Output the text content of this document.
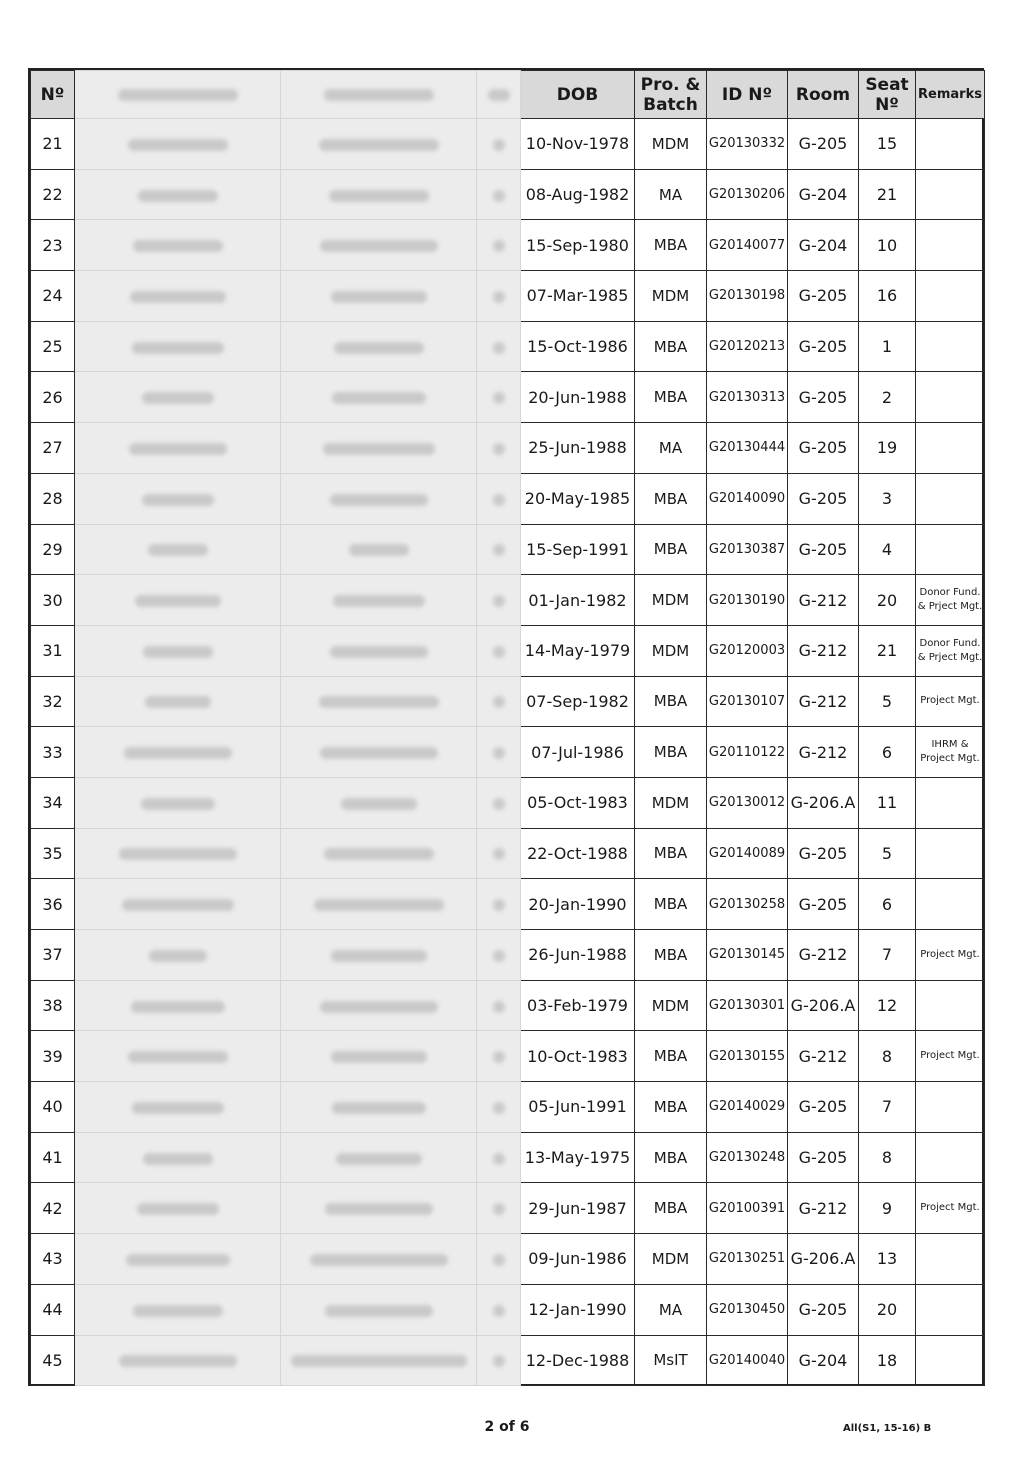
Nº				DOB	Pro. & Batch	ID Nº	Room	Seat Nº	Remarks
21				10-Nov-1978	MDM	G20130332	G-205	15	
22				08-Aug-1982	MA	G20130206	G-204	21	
23				15-Sep-1980	MBA	G20140077	G-204	10	
24				07-Mar-1985	MDM	G20130198	G-205	16	
25				15-Oct-1986	MBA	G20120213	G-205	1	
26				20-Jun-1988	MBA	G20130313	G-205	2	
27				25-Jun-1988	MA	G20130444	G-205	19	
28				20-May-1985	MBA	G20140090	G-205	3	
29				15-Sep-1991	MBA	G20130387	G-205	4	
30				01-Jan-1982	MDM	G20130190	G-212	20	Donor Fund. & Prject Mgt.
31				14-May-1979	MDM	G20120003	G-212	21	Donor Fund. & Prject Mgt.
32				07-Sep-1982	MBA	G20130107	G-212	5	Project Mgt.
33				07-Jul-1986	MBA	G20110122	G-212	6	IHRM & Project Mgt.
34				05-Oct-1983	MDM	G20130012	G-206.A	11	
35				22-Oct-1988	MBA	G20140089	G-205	5	
36				20-Jan-1990	MBA	G20130258	G-205	6	
37				26-Jun-1988	MBA	G20130145	G-212	7	Project Mgt.
38				03-Feb-1979	MDM	G20130301	G-206.A	12	
39				10-Oct-1983	MBA	G20130155	G-212	8	Project Mgt.
40				05-Jun-1991	MBA	G20140029	G-205	7	
41				13-May-1975	MBA	G20130248	G-205	8	
42				29-Jun-1987	MBA	G20100391	G-212	9	Project Mgt.
43				09-Jun-1986	MDM	G20130251	G-206.A	13	
44				12-Jan-1990	MA	G20130450	G-205	20	
45				12-Dec-1988	MsIT	G20140040	G-204	18	
2 of 6	All(S1, 15-16) B
